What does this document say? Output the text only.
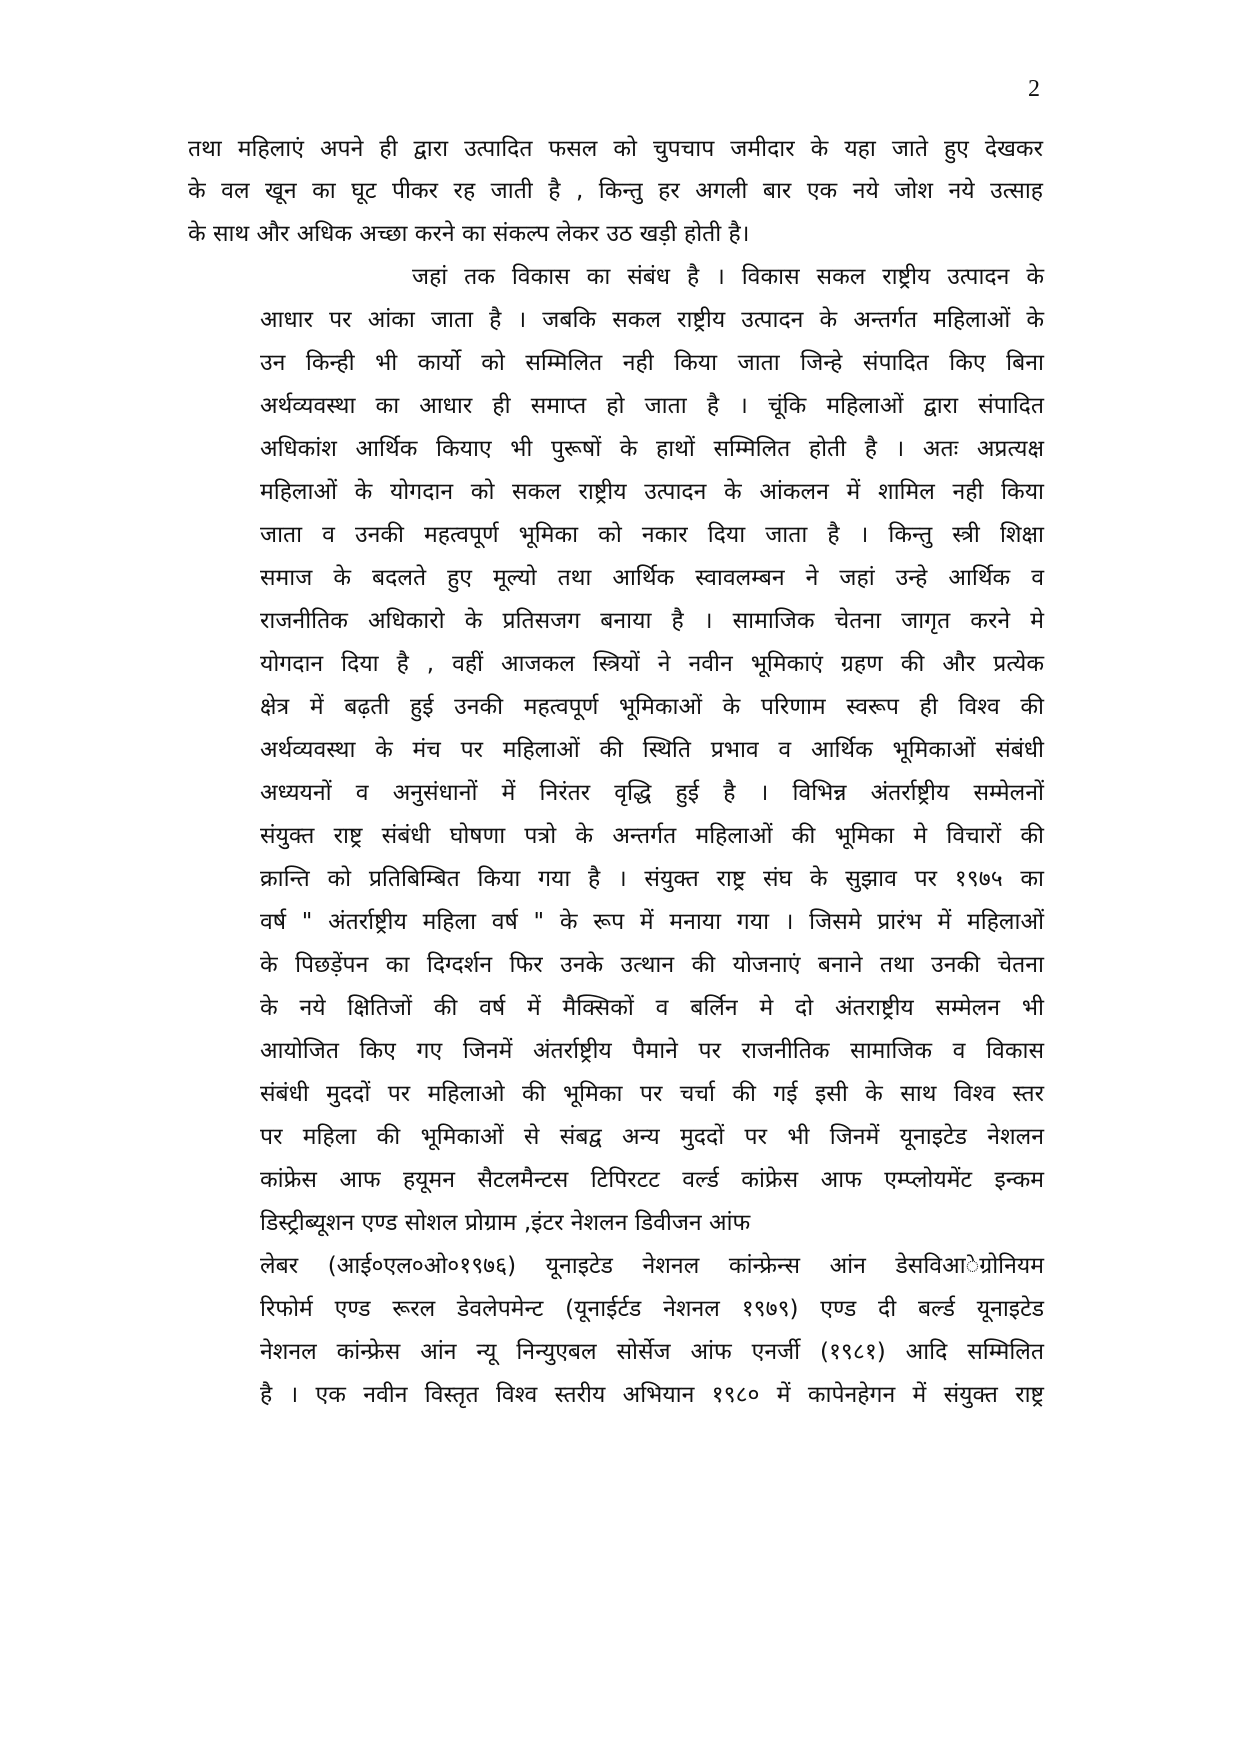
2
तथा महिलाएं अपने ही द्वारा उत्पादित फसल को चुपचाप जमीदार के यहा जाते हुए देखकर
के वल खून का घूट पीकर रह जाती है , किन्तु हर अगली बार एक नये जोश नये उत्साह
के साथ और अधिक अच्छा करने का संकल्प लेकर उठ खड़ी होती है।
जहां तक विकास का संबंध है । विकास सकल राष्ट्रीय उत्पादन के
आधार पर आंका जाता है । जबकि सकल राष्ट्रीय उत्पादन के अन्तर्गत महिलाओं के
उन किन्ही भी कार्यो को सम्मिलित नही किया जाता जिन्हे संपादित किए बिना
अर्थव्यवस्था का आधार ही समाप्त हो जाता है । चूंकि महिलाओं द्वारा संपादित
अधिकांश आर्थिक कियाए भी पुरूषों के हाथों सम्मिलित होती है । अतः अप्रत्यक्ष
महिलाओं के योगदान को सकल राष्ट्रीय उत्पादन के आंकलन में शामिल नही किया
जाता व उनकी महत्वपूर्ण भूमिका को नकार दिया जाता है । किन्तु स्त्री शिक्षा
समाज के बदलते हुए मूल्यो तथा आर्थिक स्वावलम्बन ने जहां उन्हे आर्थिक व
राजनीतिक अधिकारो के प्रतिसजग बनाया है । सामाजिक चेतना जागृत करने मे
योगदान दिया है , वहीं आजकल स्त्रियों ने नवीन भूमिकाएं ग्रहण की और प्रत्येक
क्षेत्र में बढ़ती हुई उनकी महत्वपूर्ण भूमिकाओं के परिणाम स्वरूप ही विश्व की
अर्थव्यवस्था के मंच पर महिलाओं की स्थिति प्रभाव व आर्थिक भूमिकाओं संबंधी
अध्ययनों व अनुसंधानों में निरंतर वृद्धि हुई है । विभिन्न अंतर्राष्ट्रीय सम्मेलनों
संयुक्त राष्ट्र संबंधी घोषणा पत्रो के अन्तर्गत महिलाओं की भूमिका मे विचारों की
क्रान्ति को प्रतिबिम्बित किया गया है । संयुक्त राष्ट्र संघ के सुझाव पर १९७५ का
वर्ष " अंतर्राष्ट्रीय महिला वर्ष " के रूप में मनाया गया । जिसमे प्रारंभ में महिलाओं
के पिछड़ेंपन का दिग्दर्शन फिर उनके उत्थान की योजनाएं बनाने तथा उनकी चेतना
के नये क्षितिजों की वर्ष में मैक्सिकों व बर्लिन मे दो अंतराष्ट्रीय सम्मेलन भी
आयोजित किए गए जिनमें अंतर्राष्ट्रीय पैमाने पर राजनीतिक सामाजिक व विकास
संबंधी मुददों पर महिलाओ की भूमिका पर चर्चा की गई इसी के साथ विश्व स्तर
पर महिला की भूमिकाओं से संबद्व अन्य मुददों पर भी जिनमें यूनाइटेड नेशलन
कांफ्रेस आफ हयूमन सैटलमैन्टस टिपिरटट वर्ल्ड कांफ्रेस आफ एम्प्लोयमेंट इन्कम
डिस्ट्रीब्यूशन एण्ड सोशल प्रोग्राम ,इंटर नेशलन डिवीजन आंफ
लेबर (आई०एल०ओ०१९७६) यूनाइटेड नेशनल कांन्फ्रेन्स आंन डेसविआेग्रोनियम
रिफोर्म एण्ड रूरल डेवलेपमेन्ट (यूनाईर्टड नेशनल १९७९) एण्ड दी बर्ल्ड यूनाइटेड
नेशनल कांन्फ्रेस आंन न्यू निन्युएबल सोर्सेज आंफ एनर्जी (१९८१) आदि सम्मिलित
है । एक नवीन विस्तृत विश्व स्तरीय अभियान १९८० में कापेनहेगन में संयुक्त राष्ट्र
